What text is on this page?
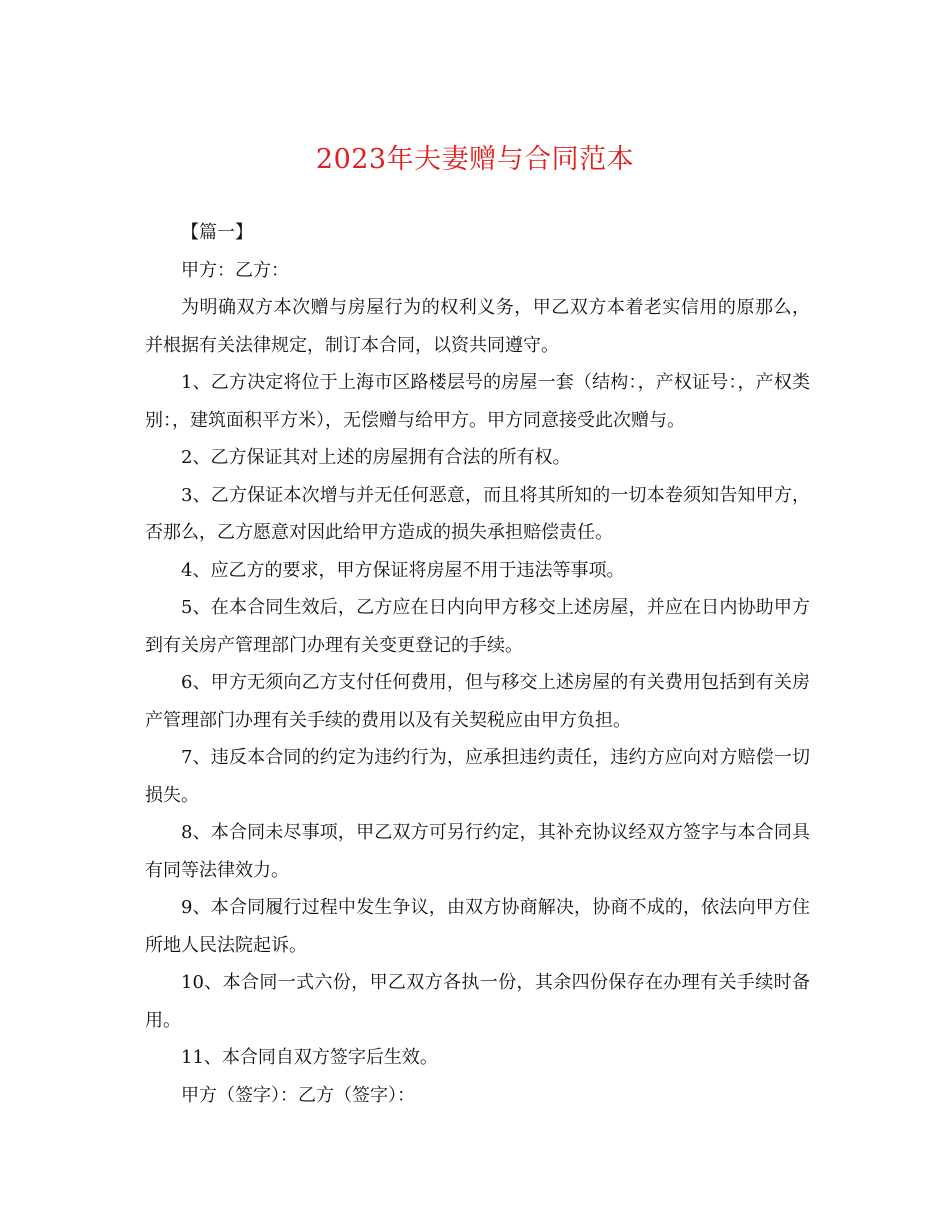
2023年夫妻赠与合同范本

【篇一】

甲方：乙方：

为明确双方本次赠与房屋行为的权利义务，甲乙双方本着老实信用的原那么，并根据有关法律规定，制订本合同，以资共同遵守。

1、乙方决定将位于上海市区路楼层号的房屋一套（结构：，产权证号：，产权类别：，建筑面积平方米），无偿赠与给甲方。甲方同意接受此次赠与。

2、乙方保证其对上述的房屋拥有合法的所有权。

3、乙方保证本次增与并无任何恶意，而且将其所知的一切本卷须知告知甲方，否那么，乙方愿意对因此给甲方造成的损失承担赔偿责任。

4、应乙方的要求，甲方保证将房屋不用于违法等事项。

5、在本合同生效后，乙方应在日内向甲方移交上述房屋，并应在日内协助甲方到有关房产管理部门办理有关变更登记的手续。

6、甲方无须向乙方支付任何费用，但与移交上述房屋的有关费用包括到有关房产管理部门办理有关手续的费用以及有关契税应由甲方负担。

7、违反本合同的约定为违约行为，应承担违约责任，违约方应向对方赔偿一切损失。

8、本合同未尽事项，甲乙双方可另行约定，其补充协议经双方签字与本合同具有同等法律效力。

9、本合同履行过程中发生争议，由双方协商解决，协商不成的，依法向甲方住所地人民法院起诉。

10、本合同一式六份，甲乙双方各执一份，其余四份保存在办理有关手续时备用。

11、本合同自双方签字后生效。

甲方（签字）：乙方（签字）：
